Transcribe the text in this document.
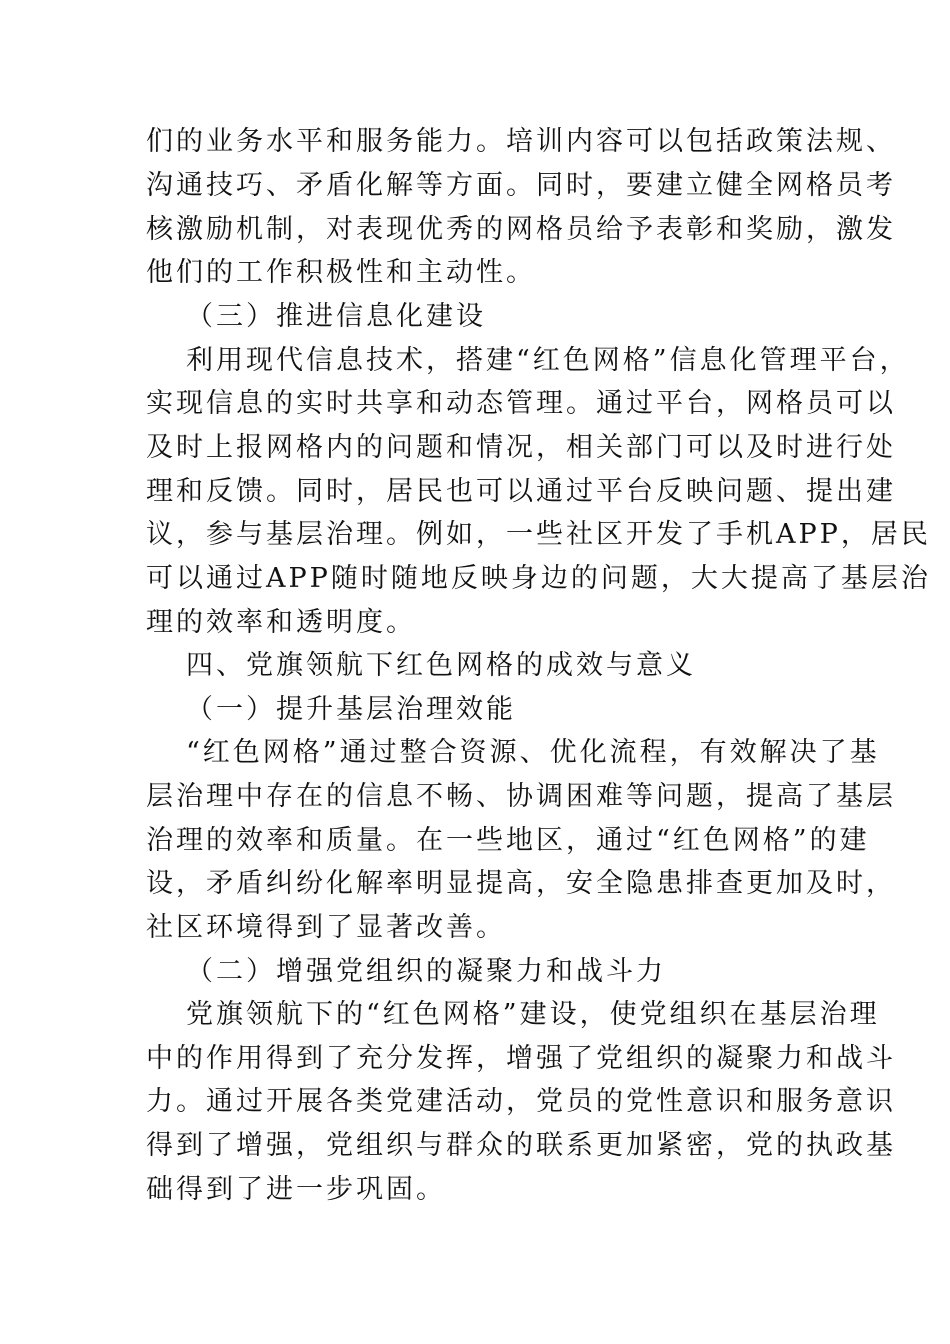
们的业务水平和服务能力。培训内容可以包括政策法规、
沟通技巧、矛盾化解等方面。同时，要建立健全网格员考
核激励机制，对表现优秀的网格员给予表彰和奖励，激发
他们的工作积极性和主动性。
（三）推进信息化建设
利用现代信息技术，搭建“红色网格”信息化管理平台，
实现信息的实时共享和动态管理。通过平台，网格员可以
及时上报网格内的问题和情况，相关部门可以及时进行处
理和反馈。同时，居民也可以通过平台反映问题、提出建
议，参与基层治理。例如，一些社区开发了手机APP，居民
可以通过APP随时随地反映身边的问题，大大提高了基层治
理的效率和透明度。
四、党旗领航下红色网格的成效与意义
（一）提升基层治理效能
“红色网格”通过整合资源、优化流程，有效解决了基
层治理中存在的信息不畅、协调困难等问题，提高了基层
治理的效率和质量。在一些地区，通过“红色网格”的建
设，矛盾纠纷化解率明显提高，安全隐患排查更加及时，
社区环境得到了显著改善。
（二）增强党组织的凝聚力和战斗力
党旗领航下的“红色网格”建设，使党组织在基层治理
中的作用得到了充分发挥，增强了党组织的凝聚力和战斗
力。通过开展各类党建活动，党员的党性意识和服务意识
得到了增强，党组织与群众的联系更加紧密，党的执政基
础得到了进一步巩固。
